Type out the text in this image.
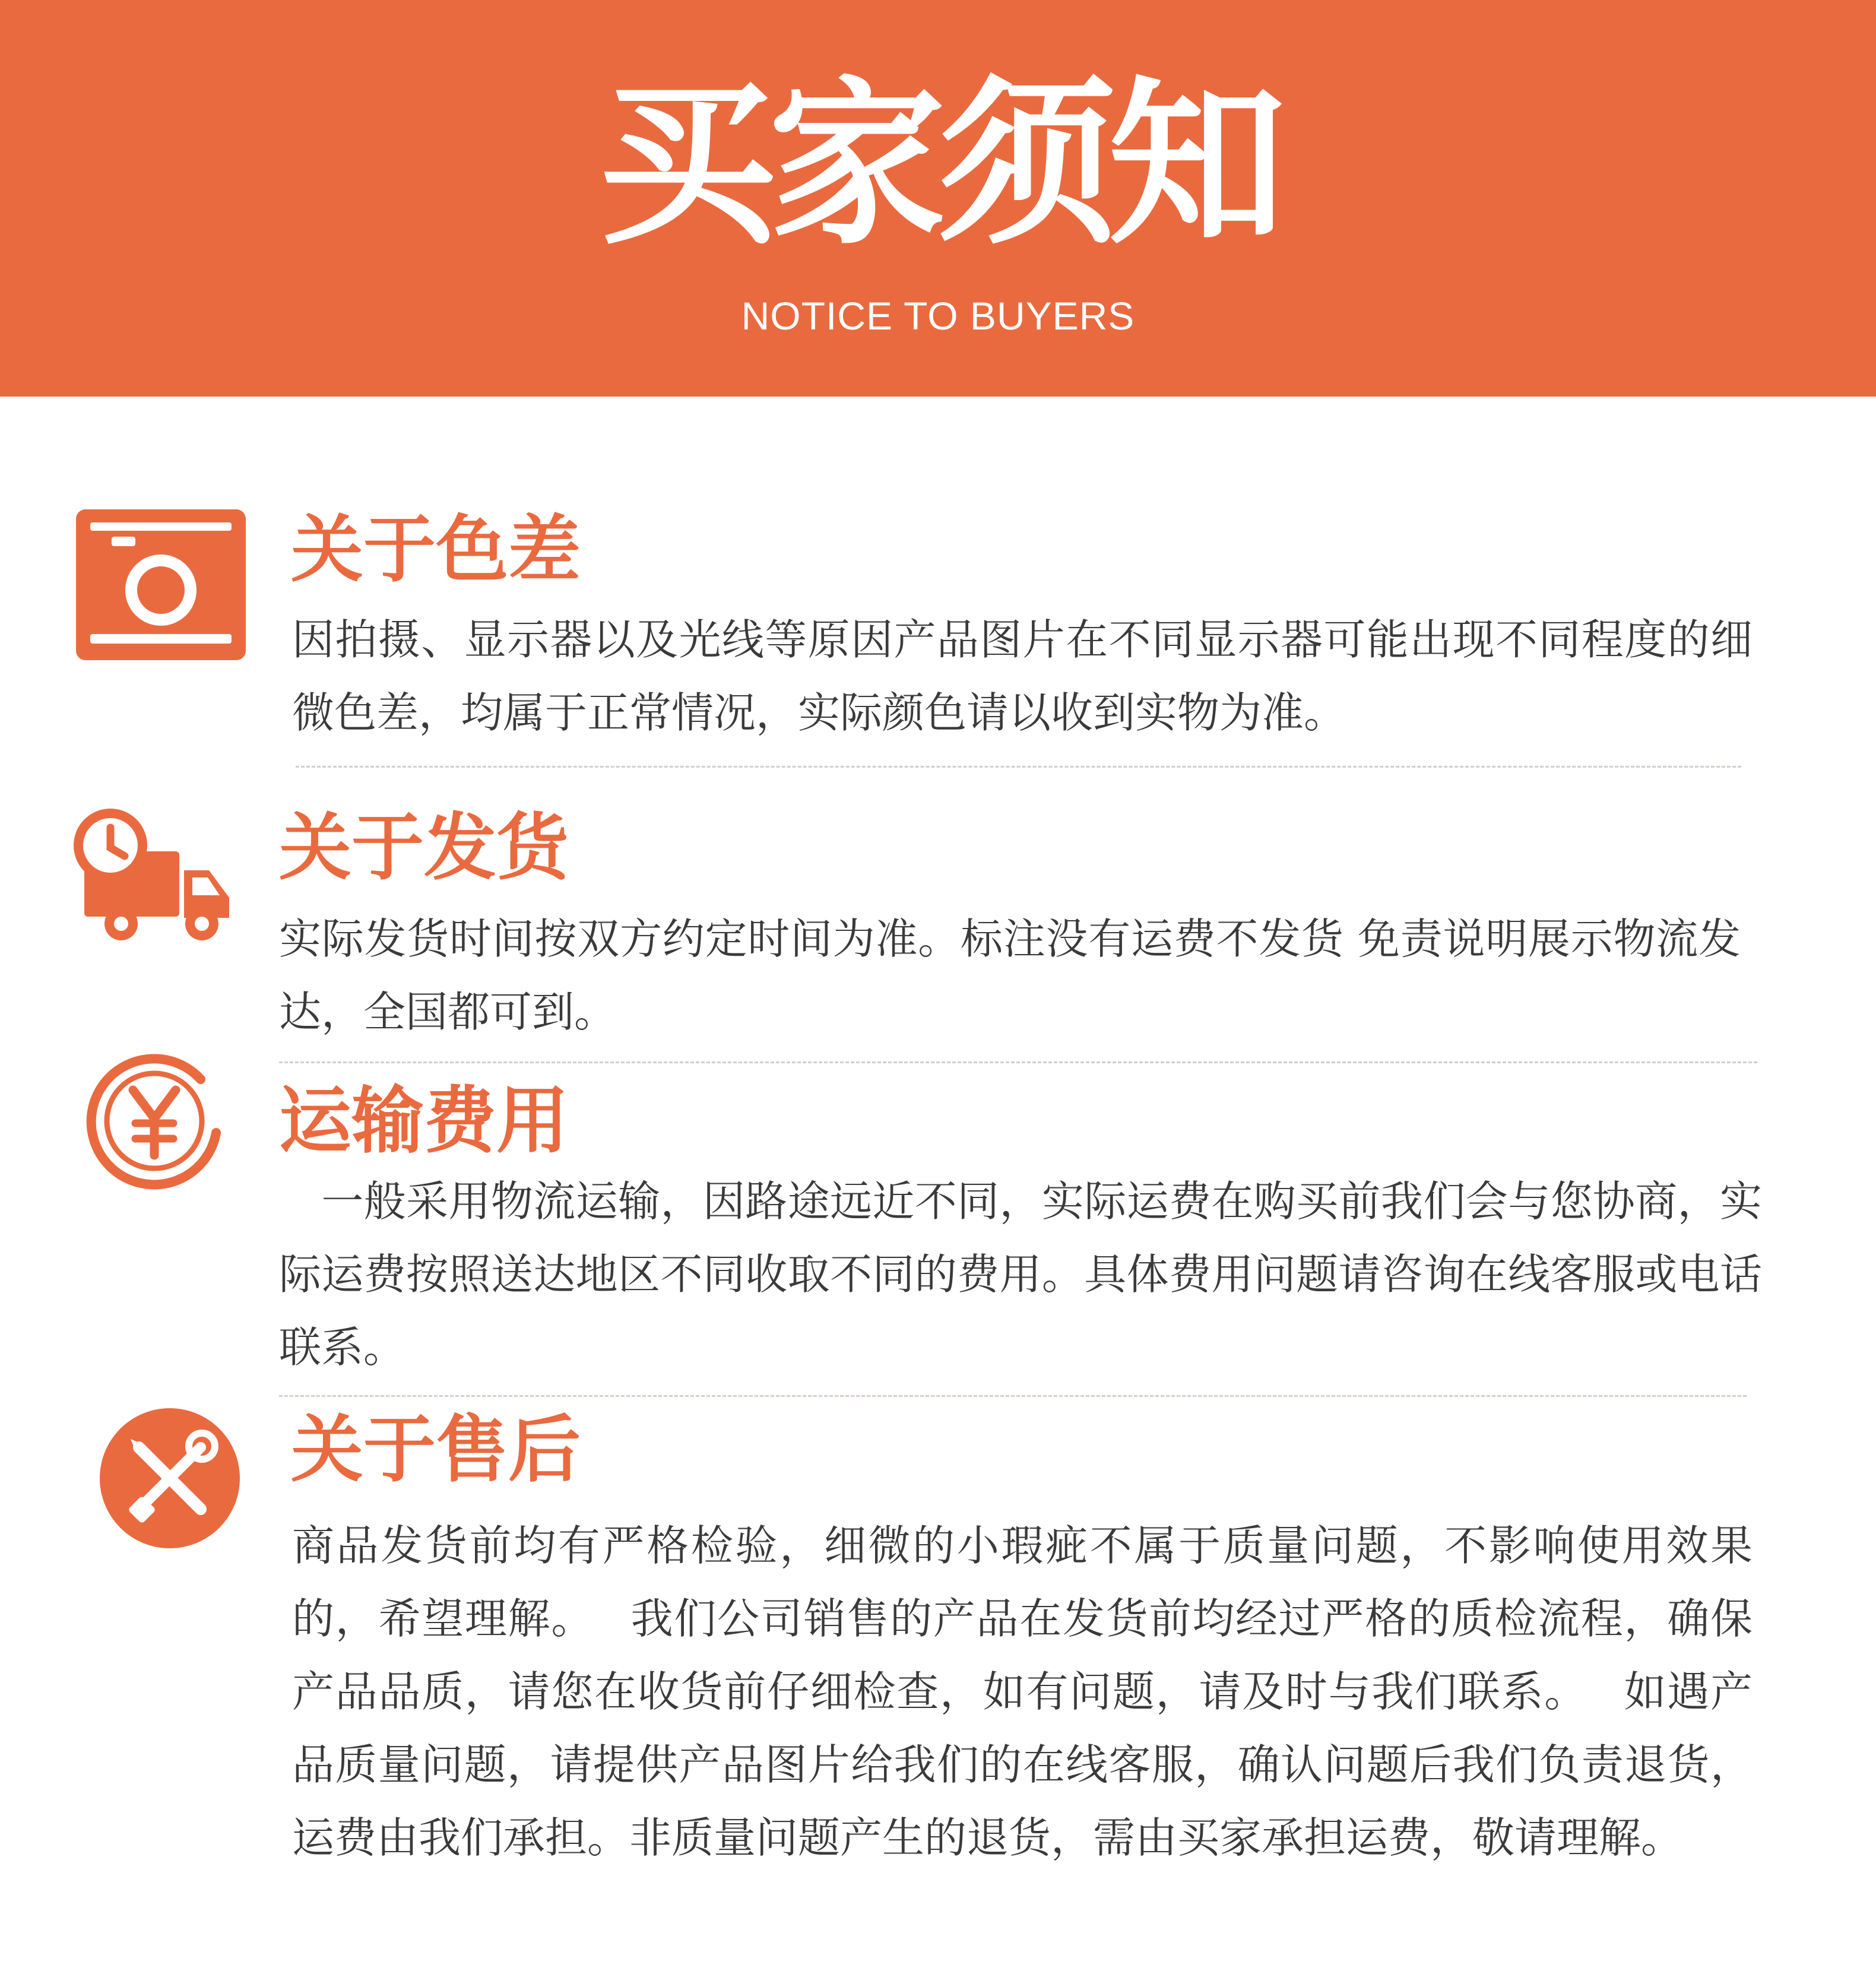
买家须知
NOTICE TO BUYERS
关于色差
因拍摄、显示器以及光线等原因产品图片在不同显示器可能出现不同程度的细微色差，均属于正常情况，实际颜色请以收到实物为准。
关于发货
实际发货时间按双方约定时间为准。标注没有运费不发货 免责说明展示物流发达，全国都可到。
运输费用
　一般采用物流运输，因路途远近不同，实际运费在购买前我们会与您协商，实际运费按照送达地区不同收取不同的费用。具体费用问题请咨询在线客服或电话联系。
关于售后
商品发货前均有严格检验，细微的小瑕疵不属于质量问题，不影响使用效果的，希望理解。　 我们公司销售的产品在发货前均经过严格的质检流程，确保产品品质，请您在收货前仔细检查，如有问题，请及时与我们联系。　 如遇产品质量问题，请提供产品图片给我们的在线客服，确认问题后我们负责退货，运费由我们承担。非质量问题产生的退货，需由买家承担运费，敬请理解。
